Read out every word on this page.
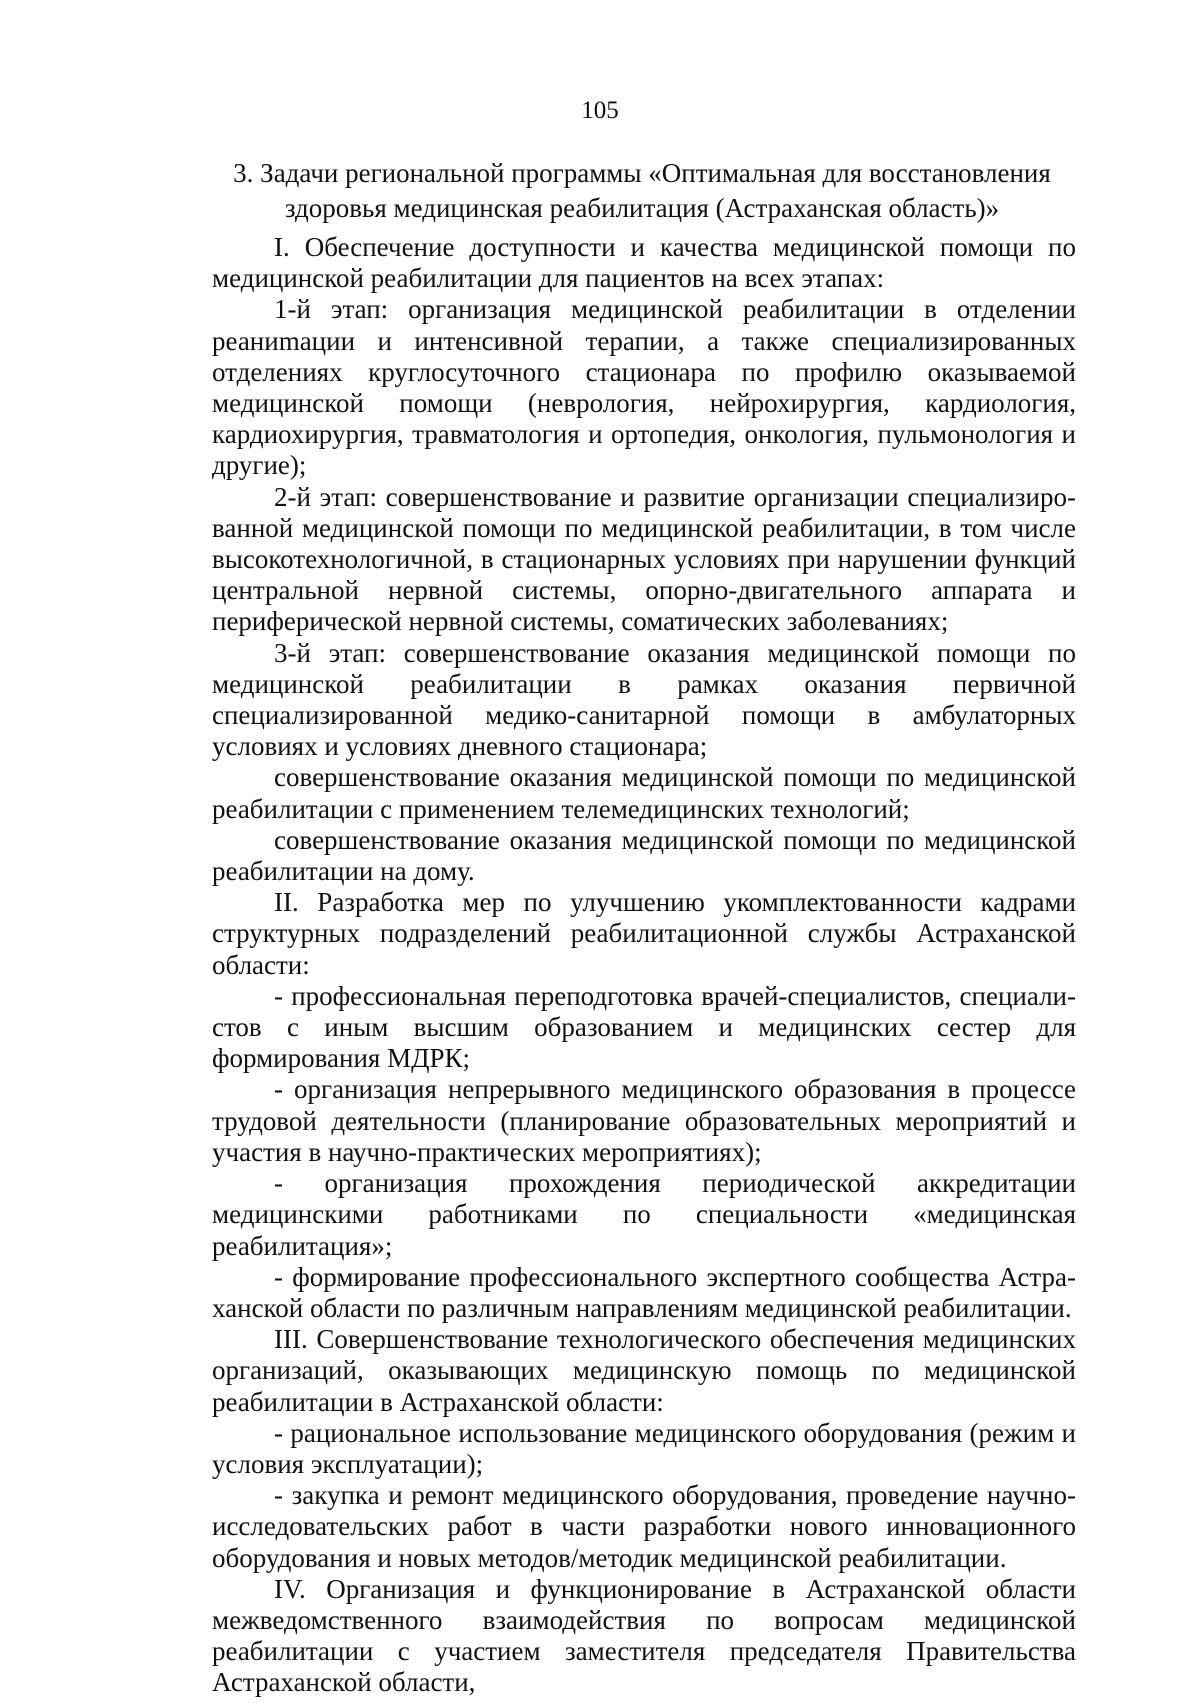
105
3. Задачи региональной программы «Оптимальная для восстановления
здоровья медицинская реабилитация (Астраханская область)»

I. Обеспечение доступности и качества медицинской помощи по медицинской реабилитации для пациентов на всех этапах:

1-й этап: организация медицинской реабилитации в отделении реаниmации и интенсивной терапии, а также специализированных отделениях круглосуточного стационара по профилю оказываемой медицинской помощи (неврология, нейрохирургия, кардиология, кардиохирургия, травматология и ортопедия, онкология, пульмонология и другие);

2-й этап: совершенствование и развитие организации специализированной медицинской помощи по медицинской реабилитации, в том числе высокотехнологичной, в стационарных условиях при нарушении функций центральной нервной системы, опорно-двигательного аппарата и периферической нервной системы, соматических заболеваниях;

3-й этап: совершенствование оказания медицинской помощи по медицинской реабилитации в рамках оказания первичной специализированной медико-санитарной помощи в амбулаторных условиях и условиях дневного стационара;

совершенствование оказания медицинской помощи по медицинской реабилитации с применением телемедицинских технологий;

совершенствование оказания медицинской помощи по медицинской реабилитации на дому.

II. Разработка мер по улучшению укомплектованности кадрами структурных подразделений реабилитационной службы Астраханской области:

- профессиональная переподготовка врачей-специалистов, специалистов с иным высшим образованием и медицинских сестер для формирования МДРК;

- организация непрерывного медицинского образования в процессе трудовой деятельности (планирование образовательных мероприятий и участия в научно-практических мероприятиях);

- организация прохождения периодической аккредитации медицинскими работниками по специальности «медицинская реабилитация»;

- формирование профессионального экспертного сообщества Астраханской области по различным направлениям медицинской реабилитации.

III. Совершенствование технологического обеспечения медицинских организаций, оказывающих медицинскую помощь по медицинской реабилитации в Астраханской области:

- рациональное использование медицинского оборудования (режим и условия эксплуатации);

- закупка и ремонт медицинского оборудования, проведение научно-исследовательских работ в части разработки нового инновационного оборудования и новых методов/методик медицинской реабилитации.

IV. Организация и функционирование в Астраханской области межведомственного взаимодействия по вопросам медицинской реабилитации с участием заместителя председателя Правительства Астраханской области,
